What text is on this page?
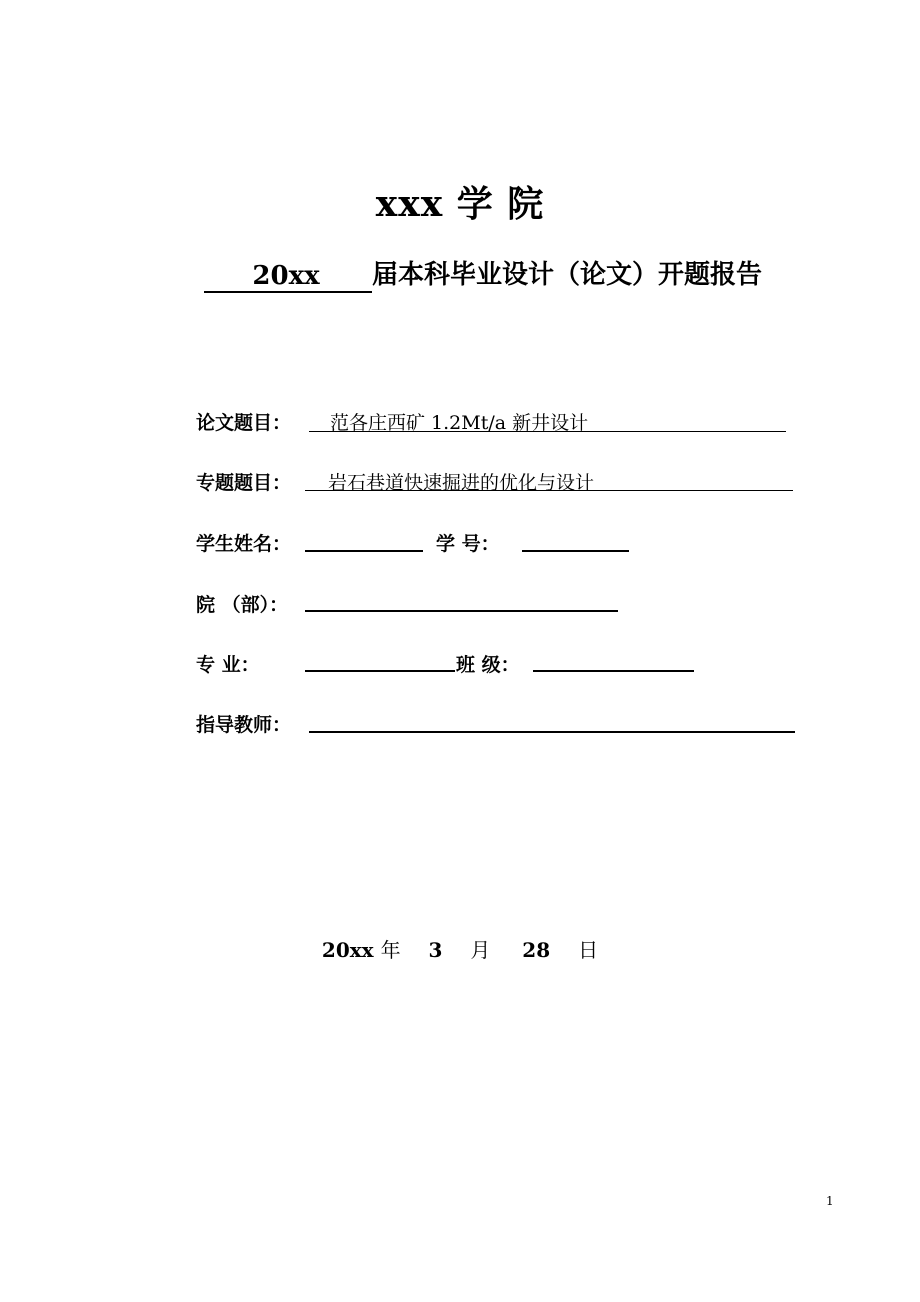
xxx 学 院
20xx 届本科毕业设计（论文）开题报告
论文题目： 范各庄西矿 1.2Mt/a 新井设计
专题题目： 岩石巷道快速掘进的优化与设计
学生姓名：	学 号：
院 （部）：
专 业：	班 级：
指导教师：
20xx 年 3 月 28 日
1
